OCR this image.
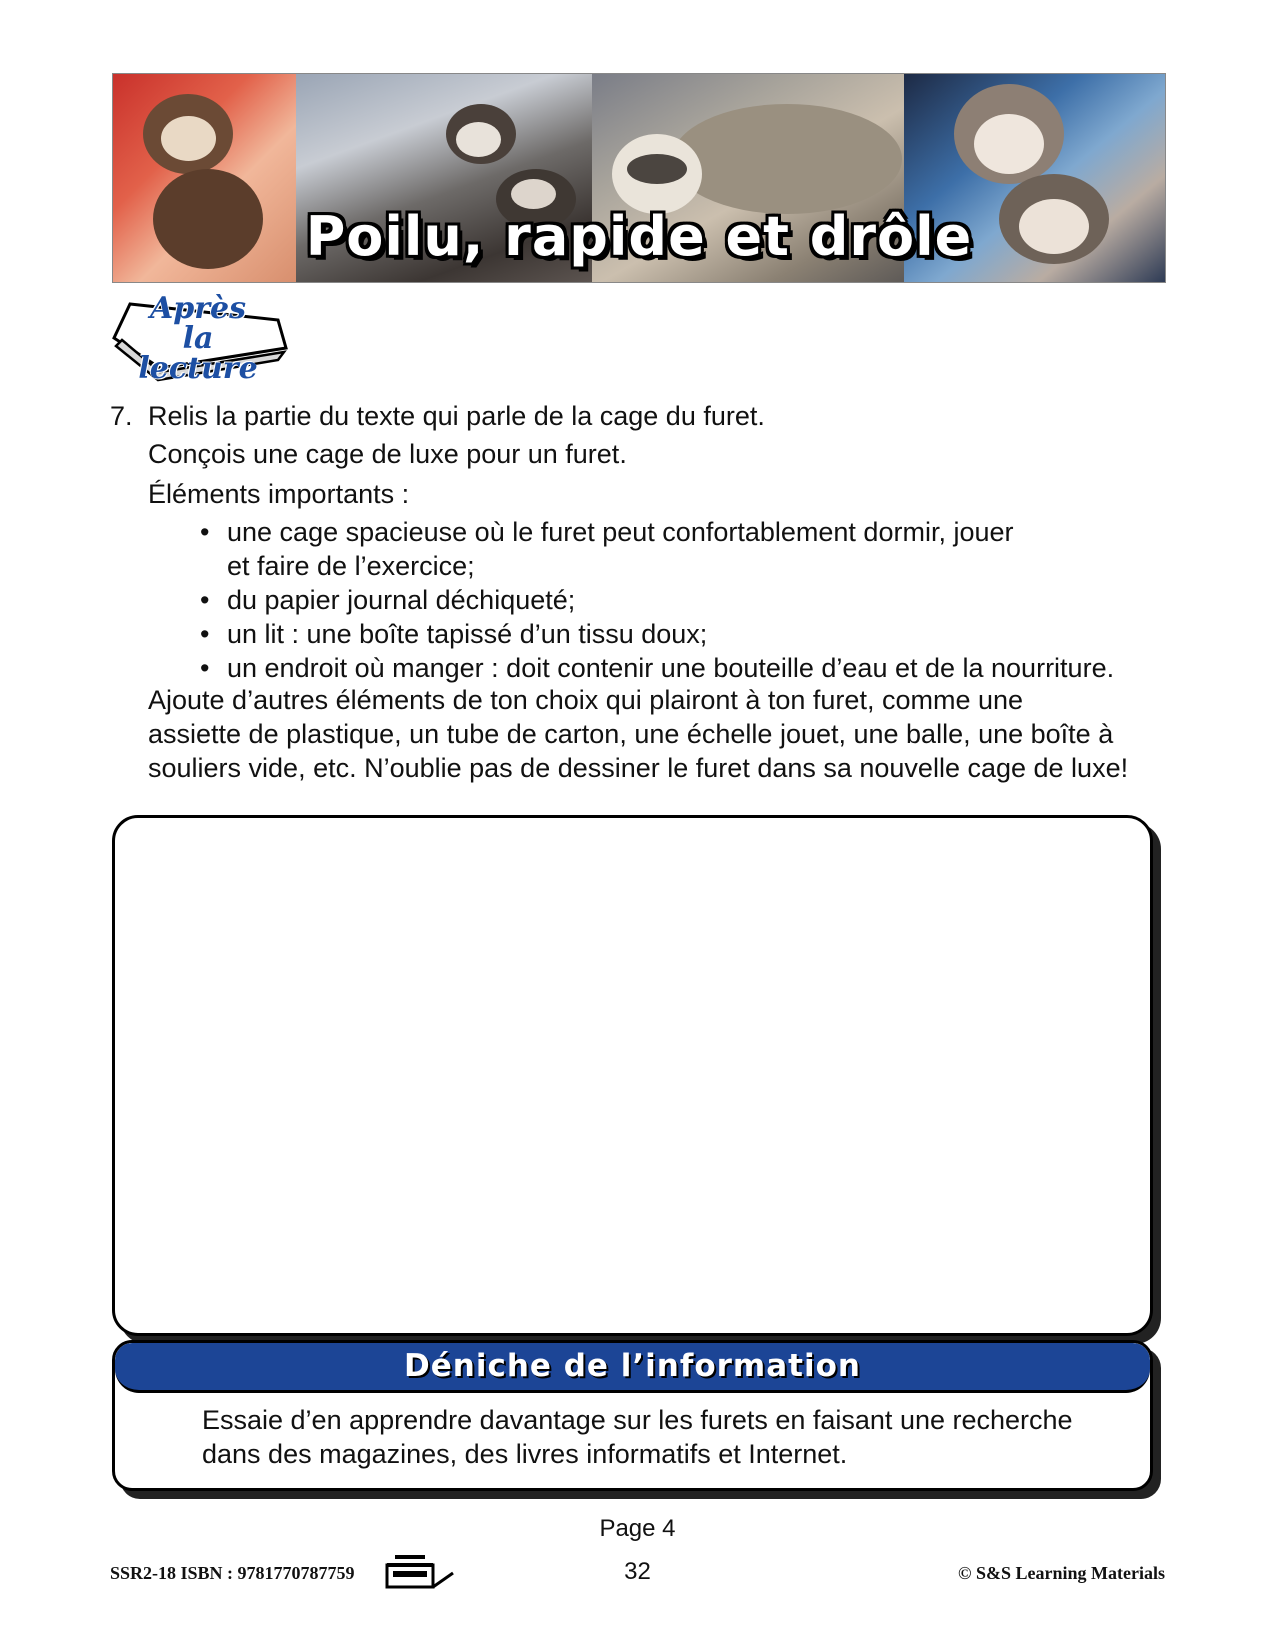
Poilu, rapide et drôle
Après
la lecture
7. Relis la partie du texte qui parle de la cage du furet.
Conçois une cage de luxe pour un furet.
Éléments importants :
• une cage spacieuse où le furet peut confortablement dormir, jouer et faire de l’exercice;
• du papier journal déchiqueté;
• un lit : une boîte tapissé d’un tissu doux;
• un endroit où manger : doit contenir une bouteille d’eau et de la nourriture.
Ajoute d’autres éléments de ton choix qui plairont à ton furet, comme une
assiette de plastique, un tube de carton, une échelle jouet, une balle, une boîte à
souliers vide, etc. N’oublie pas de dessiner le furet dans sa nouvelle cage de luxe!
Déniche de l’information
Essaie d’en apprendre davantage sur les furets en faisant une recherche
dans des magazines, des livres informatifs et Internet.
Page 4
SSR2-18 ISBN : 9781770787759	32	© S&S Learning Materials
